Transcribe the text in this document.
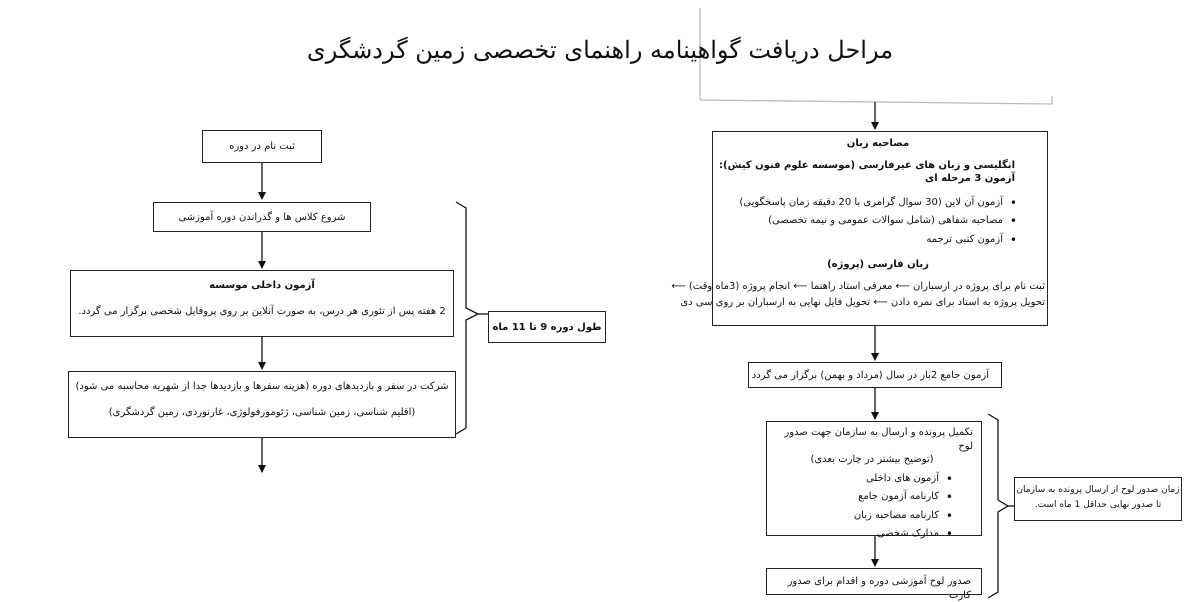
مراحل دریافت گواهینامه راهنمای تخصصی زمین گردشگری
ثبت نام در دوره
شروع کلاس ها و گذراندن دوره آموزشی
آزمون داخلی موسسه
2 هفته پس از تئوری هر درس، به صورت آنلاین بر روی پروفایل شخصی برگزار می گردد.
شرکت در سفر و بازدیدهای دوره (هزینه سفرها و بازدیدها جدا از شهریه محاسبه می شود)
(اقلیم شناسی، زمین شناسی، ژئومورفولوژی، غارنوردی، زمین گردشگری)
طول دوره 9 تا 11 ماه
مصاحبه زبان
انگلیسی و زبان های غیرفارسی (موسسه علوم فنون کیش): آزمون 3 مرحله ای
• آزمون آن لاین (30 سوال گرامری با 20 دقیقه زمان پاسخگویی)
• مصاحبه شفاهی (شامل سوالات عمومی و نیمه تخصصی)
• آزمون کتبی ترجمه
زبان فارسی (پروژه)
ثبت نام برای پروژه در ارسباران ⟵ معرفی استاد راهنما ⟵ انجام پروژه (3ماه وقت) ⟵
تحویل پروژه به استاد برای نمره دادن ⟵ تحویل فایل نهایی به ارسباران بر روی سی دی
آزمون جامع 2بار در سال (مرداد و بهمن) برگزار می گردد
تکمیل پرونده و ارسال به سازمان جهت صدور لوح
(توضیح بیشتر در چارت بعدی)
• آزمون های داخلی
• کارنامه آزمون جامع
• کارنامه مصاحبه زبان
• مدارک شخصی
صدور لوح آموزشی دوره و اقدام برای صدور کارت
زمان صدور لوح از ارسال پرونده به سازمان
تا صدور نهایی حداقل 1 ماه است.
